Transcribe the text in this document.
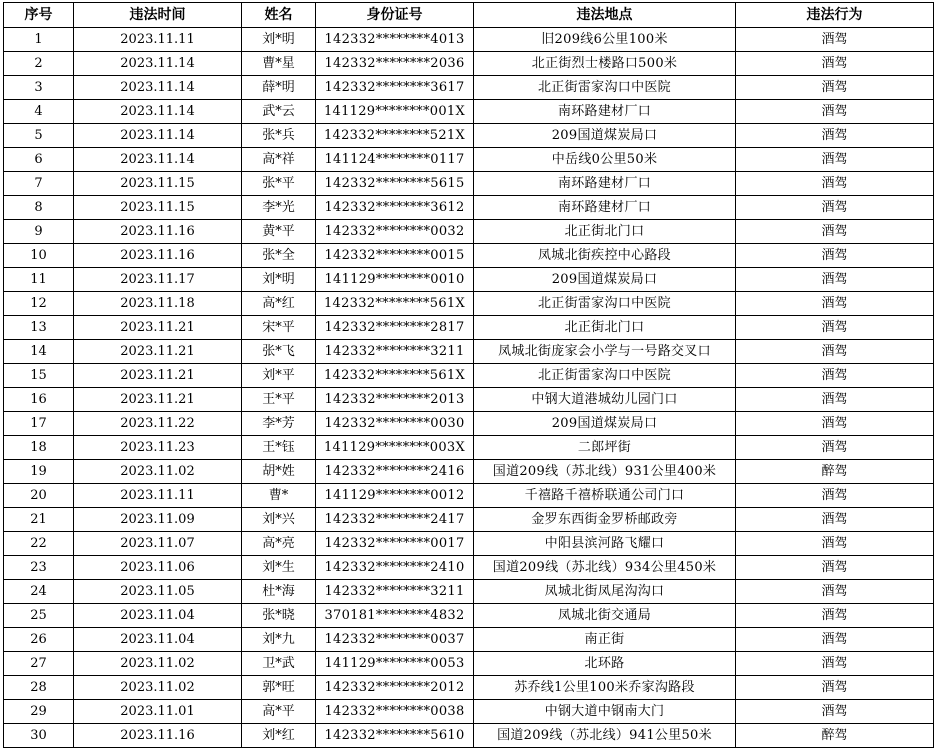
序号	违法时间	姓名	身份证号	违法地点	违法行为
1	2023.11.11	刘*明	142332********4013	旧209线6公里100米	酒驾
2	2023.11.14	曹*星	142332********2036	北正街烈士楼路口500米	酒驾
3	2023.11.14	薛*明	142332********3617	北正街雷家沟口中医院	酒驾
4	2023.11.14	武*云	141129********001X	南环路建材厂口	酒驾
5	2023.11.14	张*兵	142332********521X	209国道煤炭局口	酒驾
6	2023.11.14	高*祥	141124********0117	中岳线0公里50米	酒驾
7	2023.11.15	张*平	142332********5615	南环路建材厂口	酒驾
8	2023.11.15	李*光	142332********3612	南环路建材厂口	酒驾
9	2023.11.16	黄*平	142332********0032	北正街北门口	酒驾
10	2023.11.16	张*全	142332********0015	凤城北街疾控中心路段	酒驾
11	2023.11.17	刘*明	141129********0010	209国道煤炭局口	酒驾
12	2023.11.18	高*红	142332********561X	北正街雷家沟口中医院	酒驾
13	2023.11.21	宋*平	142332********2817	北正街北门口	酒驾
14	2023.11.21	张*飞	142332********3211	凤城北街庞家会小学与一号路交叉口	酒驾
15	2023.11.21	刘*平	142332********561X	北正街雷家沟口中医院	酒驾
16	2023.11.21	王*平	142332********2013	中钢大道港城幼儿园门口	酒驾
17	2023.11.22	李*芳	142332********0030	209国道煤炭局口	酒驾
18	2023.11.23	王*钰	141129********003X	二郎坪街	酒驾
19	2023.11.02	胡*姓	142332********2416	国道209线（苏北线）931公里400米	醉驾
20	2023.11.11	曹*	141129********0012	千禧路千禧桥联通公司门口	酒驾
21	2023.11.09	刘*兴	142332********2417	金罗东西街金罗桥邮政旁	酒驾
22	2023.11.07	高*亮	142332********0017	中阳县滨河路飞耀口	酒驾
23	2023.11.06	刘*生	142332********2410	国道209线（苏北线）934公里450米	酒驾
24	2023.11.05	杜*海	142332********3211	凤城北街凤尾沟沟口	酒驾
25	2023.11.04	张*晓	370181********4832	凤城北街交通局	酒驾
26	2023.11.04	刘*九	142332********0037	南正街	酒驾
27	2023.11.02	卫*武	141129********0053	北环路	酒驾
28	2023.11.02	郭*旺	142332********2012	苏乔线1公里100米乔家沟路段	酒驾
29	2023.11.01	高*平	142332********0038	中钢大道中钢南大门	酒驾
30	2023.11.16	刘*红	142332********5610	国道209线（苏北线）941公里50米	醉驾
